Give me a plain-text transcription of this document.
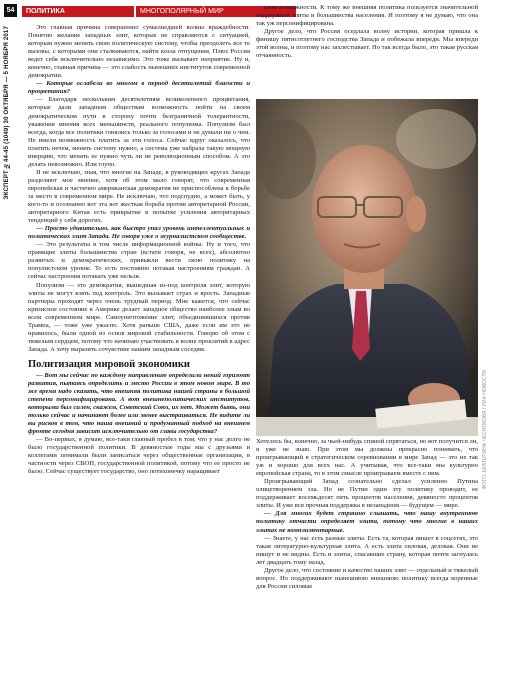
54	ПОЛИТИКА	МНОГОПОЛЯРНЫЙ МИР
ЭКСПЕРТ №44-45 (1049) 30 ОКТЯБРЯ — 5 НОЯБРЯ 2017	Это главная причина совершенно сумасшедшей волны враждебности. Понятно желание западных элит, которые не справляются с ситуацией, которым нужно менять свою политическую систему, чтобы преодолеть все те вызовы, с которыми они сталкиваются, найти козла отпущения. Плюс Россия ведет себя исключительно независимо. Это тоже вызывает неприятие. Ну и, конечно, главная причина — это слабость нынешних институтов современной демократии.

— Которые ослабели во многом в период десятилетий благости и процветания?

— Благодаря нескольким десятилетиям великолепного процветания, которые дали западным обществам возможность пойти на своем демократическом пути в сторону почти безграничной толерантности, уважения мнения всех меньшинств, реального популизма. Популизм был всегда, когда все политики гонялись только за голосами и не думали ни о чем. Не имели возможность платить за эти голоса. Сейчас вдруг оказалось, что платить нечем, менять систему нужно, а система уже набрала такую мощную инерцию, что менять ее нужно чуть ли не революционным способом. А это делать невозможно. Или глупо.

Я не исключаю, зная, что многие на Западе, в руководящих кругах Запада разделяют мое мнение, хотя об этом мало говорят, что современная европейская и частично американская демократия не приспособлена к борьбе за место в современном мире. Не исключаю, что подспудно, а может быть, у кого-то и осознанно вот эта вот жесткая борьба против авторитарной России, авторитарного Китая есть прикрытие в попытке усиления авторитарных тенденций у себя дорогих.

— Просто удивительно, как быстро упал уровень интеллектуальных и политических элит Запада. Не говоря уже о журналистском сообществе.

— Это результаты в том числе информационной войны. Ну и того, что правящие элиты большинства стран (кстати говоря, не всех), абсолютно развитых и демократических, привыкли вести свою политику на популистском уровне. То есть постоянно потакая настроениям граждан. А сейчас настроения потакать уже нельзя.

Популизм — это демократия, вышедшая из-под контроля элит, которую элиты не могут взять под контроль. Это вызывает страх и ярость. Западные партнеры проходят через очень трудный период. Мне кажется, что сейчас кризисное состояние в Америке делает западное общество наиболее злым во всем современном мире. Самоуничтожение элит, объединившихся против Трампа, — тоже уже ужасно. Хотя раньше США, даже если им это не нравилось, были одной из основ мировой стабильности. Говорю об этом с тяжелым сердцем, потому что начинаю участвовать в волне проклятий в адрес Запада. А хочу выразить сочувствие нашим западным соседям.

Политизация мировой экономики

— Вот мы сейчас по каждому направлению определили некий горизонт развития, пытаясь определить и место России в этом новом мире. В то же время надо сказать, что внешняя политика нашей страны в большой степени персонифицирована. А вот внешнеполитических институтов, которыми был силен, скажем, Советский Союз, их нет. Может быть, они только сейчас и начинают более или менее выстраиваться. Не видите ли вы рисков в том, что наша внешний и продуманный подход на внешнем фронте сегодня зависит исключительно от главы государства?

— Во-первых, я думаю, все-таки главный пробел в том, что у нас долго не было государственной политики. В девяностые годы мы с друзьями и коллегами понимали были записаться через общественные организации, в частности через СВОП, государственной политикой, потому что ее просто не было. Сейчас существует государство, оно потихонечку наращивает

свои возможности. К тому же внешняя политика пользуется значительной поддержкой элиты и большинства населения. И поэтому я не думаю, что она так уж персонифицирована.

Другое дело, что Россия оседлала волну истории, которая пришла к финишу пятисотлетнего господства Запада и побежала впереди. Мы впереди этой волны, и поэтому нас захлестывает. Но так всегда было, это такая русская отчаянность.

ФОТО: ЕКАТЕРИНА ЧЕСНОКОВА / РИА НОВОСТИ

Хотелось бы, конечно, за чьей-нибудь спиной спрятаться, но вот получится ли, я уже не знаю. При этом мы должны прекрасно понимать, что проигрывающий в стратегическом соревновании в мире Запад — это не так уж и хорошо для всех нас. А учитывая, что все-таки мы культурно европейская страна, то в этом смысле проигрываем вместе с ним.

Проигрывающий Запад сознательно сделал усиленно Путина олицетворением зла. Но не Путин один эту политику проводит, ее поддерживает восемьдесят пять процентов населения, девяносто процентов элиты. И уже вся прочная поддержка в незападном — будущем — мире.

— Для многих будет страшно слышать, что нашу внутреннюю политику отчасти определяет элита, потому что многие в наших элитах не комплиментарные.

— Знаете, у нас есть разные элиты. Есть та, которая пишет в соцсетях, это такая литературно-культурная элита. А есть элита силовая, деловая. Они не пишут и не видны. Есть и элиты, спасавшие страну, которая почти загнулась лет двадцать тому назад.

Другое дело, что состояние и качество наших элит — отдельный и тяжелый вопрос. Но поддерживают нынешнюю внешнюю политику всегда коренные для России силовые
